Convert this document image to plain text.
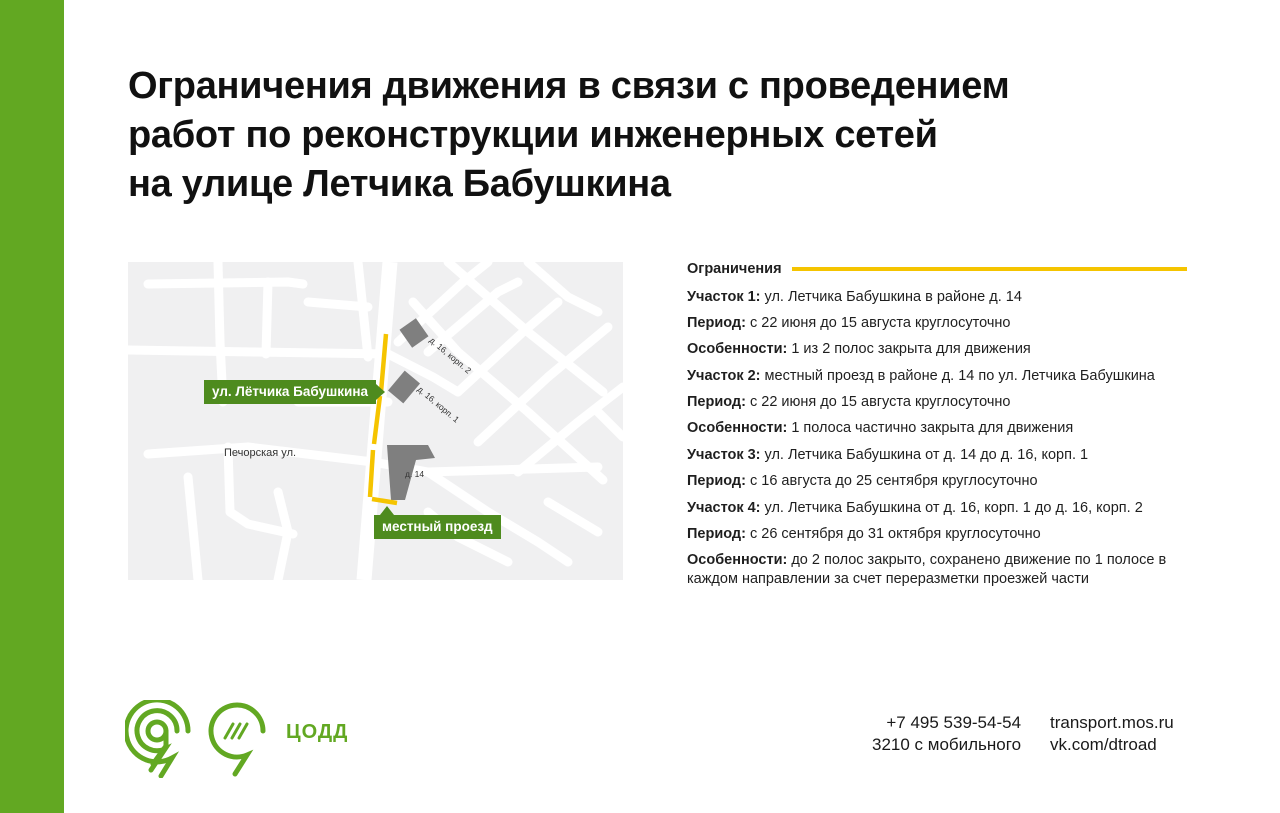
Ограничения движения в связи с проведением
работ по реконструкции инженерных сетей
на улице Летчика Бабушкина
Печорская ул.
д. 16, корп. 2
д. 16, корп. 1
д. 14
ул. Лётчика Бабушкина
местный проезд
Ограничения

Участок 1: ул. Летчика Бабушкина в районе д. 14

Период: с 22 июня до 15 августа круглосуточно

Особенности: 1 из 2 полос закрыта для движения

Участок 2: местный проезд в районе д. 14 по ул. Летчика Бабушкина

Период: с 22 июня до 15 августа круглосуточно

Особенности: 1 полоса частично закрыта для движения

Участок 3: ул. Летчика Бабушкина от д. 14 до д. 16, корп. 1

Период: с 16 августа до 25 сентября круглосуточно

Участок 4: ул. Летчика Бабушкина от д. 16, корп. 1 до д. 16, корп. 2

Период: с 26 сентября до 31 октября круглосуточно

Особенности: до 2 полос закрыто, сохранено движение по 1 полосе в каждом направлении за счет переразметки проезжей части

ЦОДД	+7 495 539-54-54
3210 с мобильного
transport.mos.ru
vk.com/dtroad
